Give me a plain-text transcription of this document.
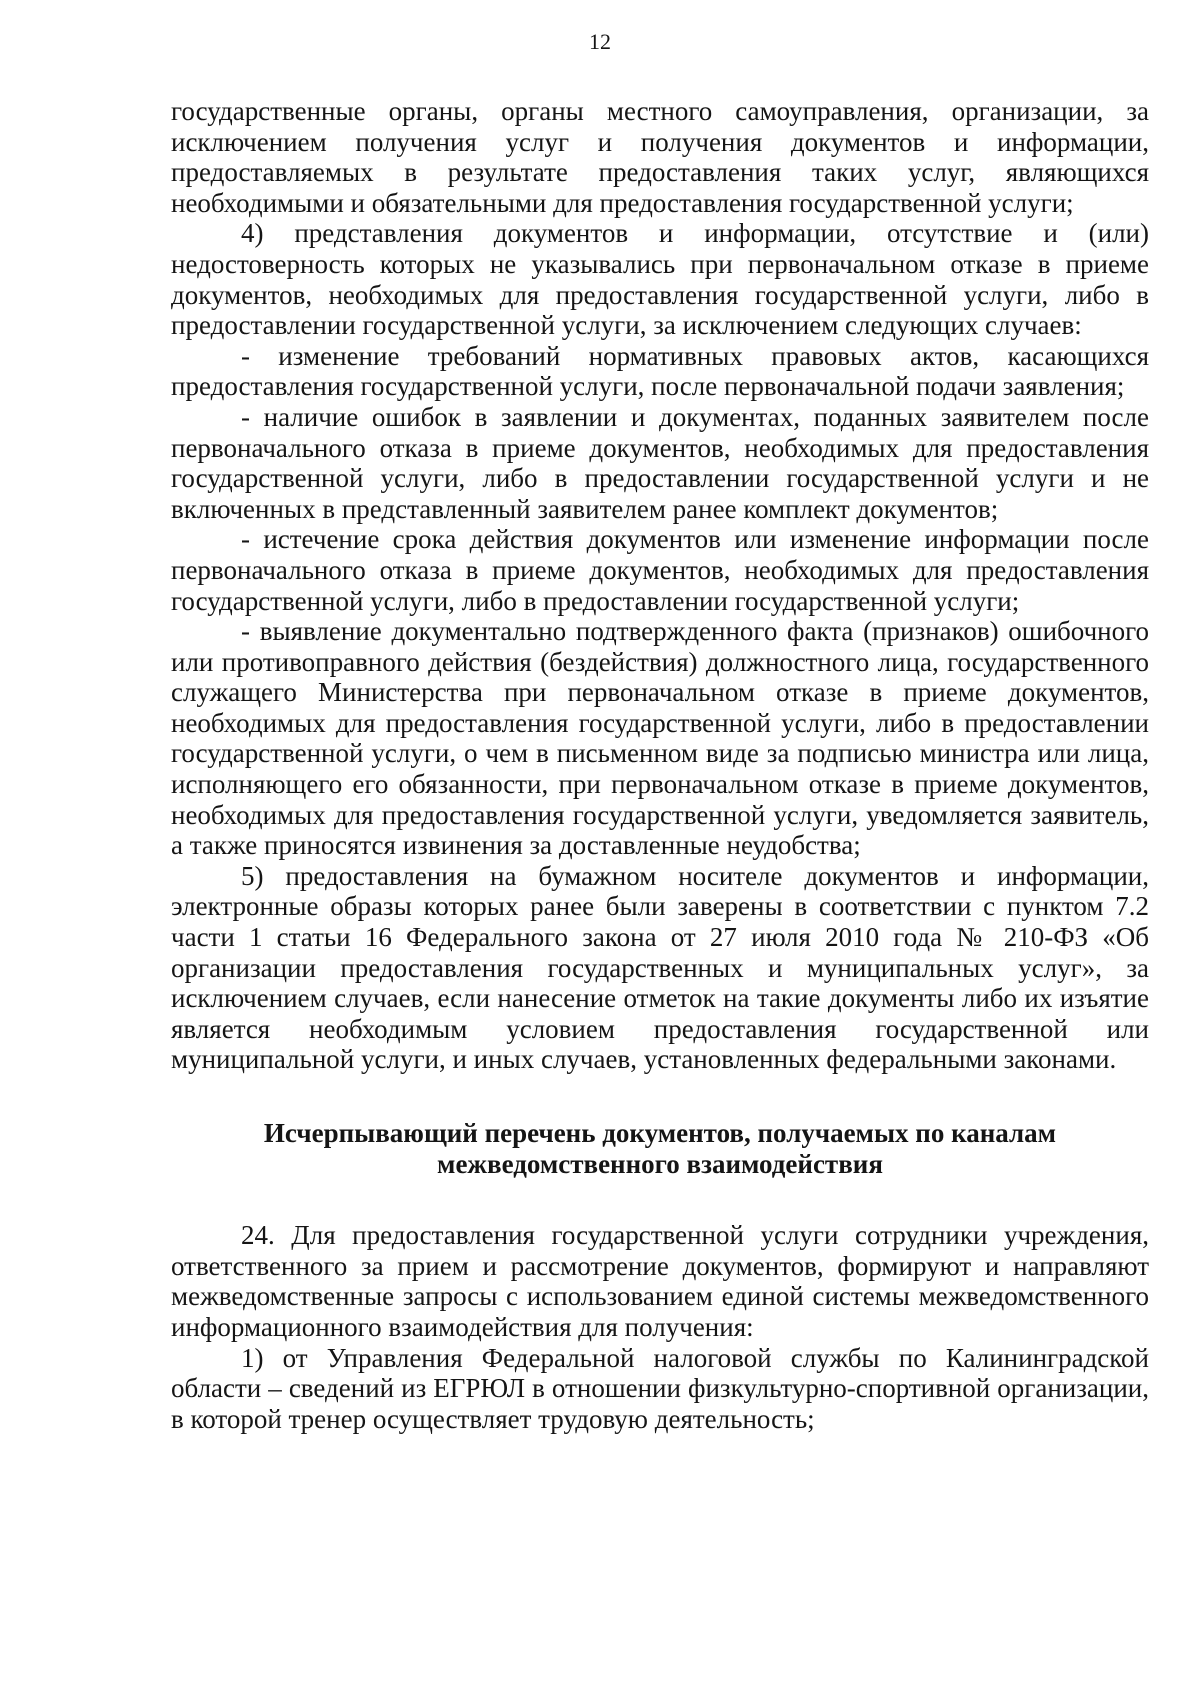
12

государственные органы, органы местного самоуправления, организации, за исключением получения услуг и получения документов и информации, предоставляемых в результате предоставления таких услуг, являющихся необходимыми и обязательными для предоставления государственной услуги;

4) представления документов и информации, отсутствие и (или) недостоверность которых не указывались при первоначальном отказе в приеме документов, необходимых для предоставления государственной услуги, либо в предоставлении государственной услуги, за исключением следующих случаев:

- изменение требований нормативных правовых актов, касающихся предоставления государственной услуги, после первоначальной подачи заявления;

- наличие ошибок в заявлении и документах, поданных заявителем после первоначального отказа в приеме документов, необходимых для предоставления государственной услуги, либо в предоставлении государственной услуги и не включенных в представленный заявителем ранее комплект документов;

- истечение срока действия документов или изменение информации после первоначального отказа в приеме документов, необходимых для предоставления государственной услуги, либо в предоставлении государственной услуги;

- выявление документально подтвержденного факта (признаков) ошибочного или противоправного действия (бездействия) должностного лица, государственного служащего Министерства при первоначальном отказе в приеме документов, необходимых для предоставления государственной услуги, либо в предоставлении государственной услуги, о чем в письменном виде за подписью министра или лица, исполняющего его обязанности, при первоначальном отказе в приеме документов, необходимых для предоставления государственной услуги, уведомляется заявитель, а также приносятся извинения за доставленные неудобства;

5) предоставления на бумажном носителе документов и информации, электронные образы которых ранее были заверены в соответствии с пунктом 7.2 части 1 статьи 16 Федерального закона от 27 июля 2010 года № 210-ФЗ «Об организации предоставления государственных и муниципальных услуг», за исключением случаев, если нанесение отметок на такие документы либо их изъятие является необходимым условием предоставления государственной или муниципальной услуги, и иных случаев, установленных федеральными законами.

Исчерпывающий перечень документов, получаемых по каналам
межведомственного взаимодействия

24. Для предоставления государственной услуги сотрудники учреждения, ответственного за прием и рассмотрение документов, формируют и направляют межведомственные запросы с использованием единой системы межведомственного информационного взаимодействия для получения:

1) от Управления Федеральной налоговой службы по Калининградской области – сведений из ЕГРЮЛ в отношении физкультурно-спортивной организации, в которой тренер осуществляет трудовую деятельность;
